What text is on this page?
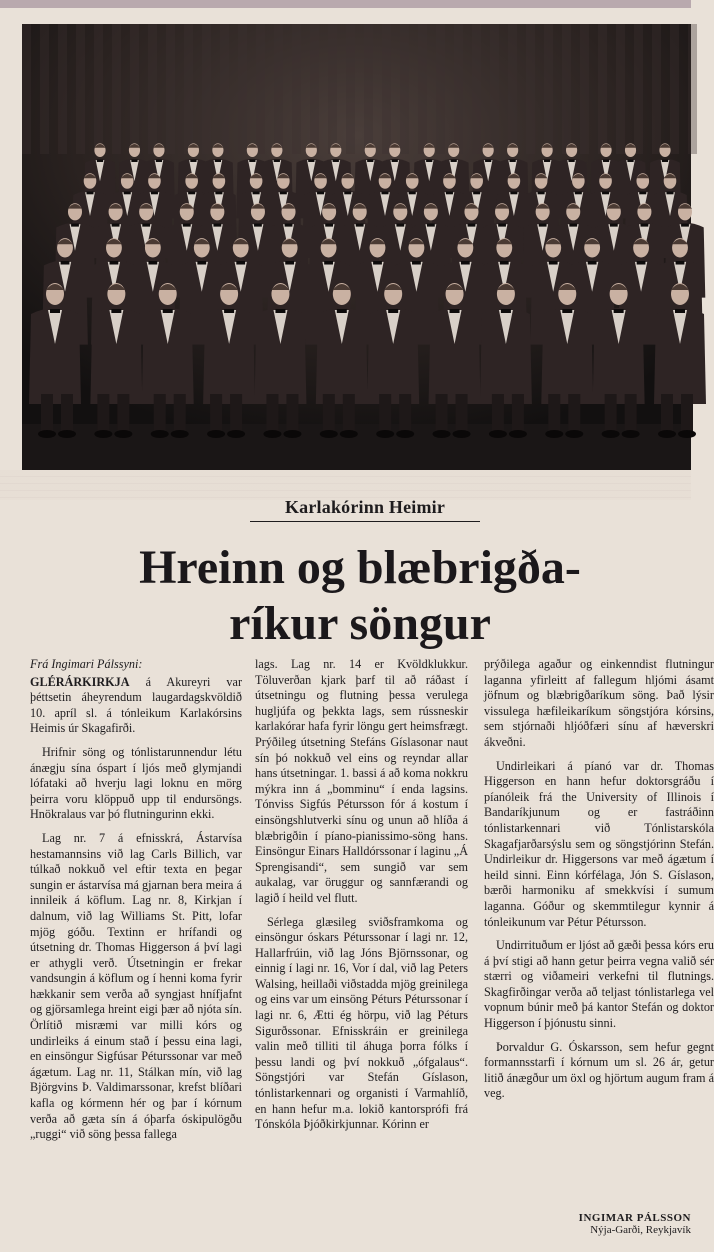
Karlakórinn Heimir
Hreinn og blæbrigða-
ríkur söngur

Frá Ingimari Pálssyni:

GLÉRÁRKIRKJA á Akureyri var þéttsetin áheyrendum laugardagskvöldið 10. apríl sl. á tónleikum Karlakórsins Heimis úr Skagafirði.

Hrifnir söng og tónlistarunnendur létu ánægju sína óspart í ljós með glymjandi lófataki að hverju lagi loknu en mörg þeirra voru klöppuð upp til endursöngs. Hnökralaus var þó flutningurinn ekki.

Lag nr. 7 á efnisskrá, Ástarvísa hestamannsins við lag Carls Billich, var túlkað nokkuð vel eftir texta en þegar sungin er ástarvísa má gjarnan bera meira á innileik á köflum. Lag nr. 8, Kirkjan í dalnum, við lag Williams St. Pitt, lofar mjög góðu. Textinn er hrífandi og útsetning dr. Thomas Higgerson á því lagi er athygli verð. Útsetningin er frekar vandsungin á köflum og í henni koma fyrir hækkanir sem verða að syngjast hnífjafnt og gjörsamlega hreint eigi þær að njóta sín. Örlítið misræmi var milli kórs og undirleiks á einum stað í þessu eina lagi, en einsöngur Sigfúsar Péturssonar var með ágætum. Lag nr. 11, Stálkan mín, við lag Björgvins Þ. Valdimarssonar, krefst blíðari kafla og kórmenn hér og þar í kórnum verða að gæta sín á óþarfa óskipulögðu „ruggi“ við söng þessa fallega

lags. Lag nr. 14 er Kvöldklukkur. Töluverðan kjark þarf til að ráðast í útsetningu og flutning þessa verulega hugljúfa og þekkta lags, sem rússneskir karlakórar hafa fyrir löngu gert heimsfrægt. Prýðileg útsetning Stefáns Gíslasonar naut sín þó nokkuð vel eins og reyndar allar hans útsetningar. 1. bassi á að koma nokkru mýkra inn á „bomminu“ í enda lagsins. Tónviss Sigfús Pétursson fór á kostum í einsöngshlutverki sínu og unun að hlíða á blæbrigðin í píano-pianissimo-söng hans. Einsöngur Einars Halldórssonar í laginu „Á Sprengisandi“, sem sungið var sem aukalag, var öruggur og sannfærandi og lagið í heild vel flutt.

Sérlega glæsileg sviðsframkoma og einsöngur óskars Péturssonar í lagi nr. 12, Hallarfrúin, við lag Jóns Björnssonar, og einnig í lagi nr. 16, Vor í dal, við lag Peters Walsing, heillaði viðstadda mjög greinilega og eins var um einsöng Péturs Péturssonar í lagi nr. 6, Ætti ég hörpu, við lag Péturs Sigurðssonar. Efnisskráin er greinilega valin með tilliti til áhuga þorra fólks í þessu landi og því nokkuð „ófgalaus“. Söngstjóri var Stefán Gíslason, tónlistarkennari og organisti í Varmahlíð, en hann hefur m.a. lokið kantorsprófi frá Tónskóla Þjóðkirkjunnar. Kórinn er

prýðilega agaður og einkenndist flutningur laganna yfirleitt af fallegum hljómi ásamt jöfnum og blæbrigðaríkum söng. Það lýsir vissulega hæfileikaríkum söngstjóra kórsins, sem stjórnaði hljóðfæri sínu af hæverskri ákveðni.

Undirleikari á píanó var dr. Thomas Higgerson en hann hefur doktorsgráðu í píanóleik frá the University of Illinois í Bandaríkjunum og er fastráðinn tónlistarkennari við Tónlistarskóla Skagafjarðarsýslu sem og söngstjórinn Stefán. Undirleikur dr. Higgersons var með ágætum í heild sinni. Einn kórfélaga, Jón S. Gíslason, bærði harmoniku af smekkvísi í sumum laganna. Góður og skemmtilegur kynnir á tónleikunum var Pétur Pétursson.

Undirrituðum er ljóst að gæði þessa kórs eru á því stigi að hann getur þeirra vegna valið sér stærri og viðameiri verkefni til flutnings. Skagfirðingar verða að teljast tónlistarlega vel vopnum búnir með þá kantor Stefán og doktor Higgerson í þjónustu sinni.

Þorvaldur G. Óskarsson, sem hefur gegnt formannsstarfi í kórnum um sl. 26 ár, getur litið ánægður um öxl og hjörtum augum fram á veg.

INGIMAR PÁLSSON
Nýja-Garði, Reykjavík
